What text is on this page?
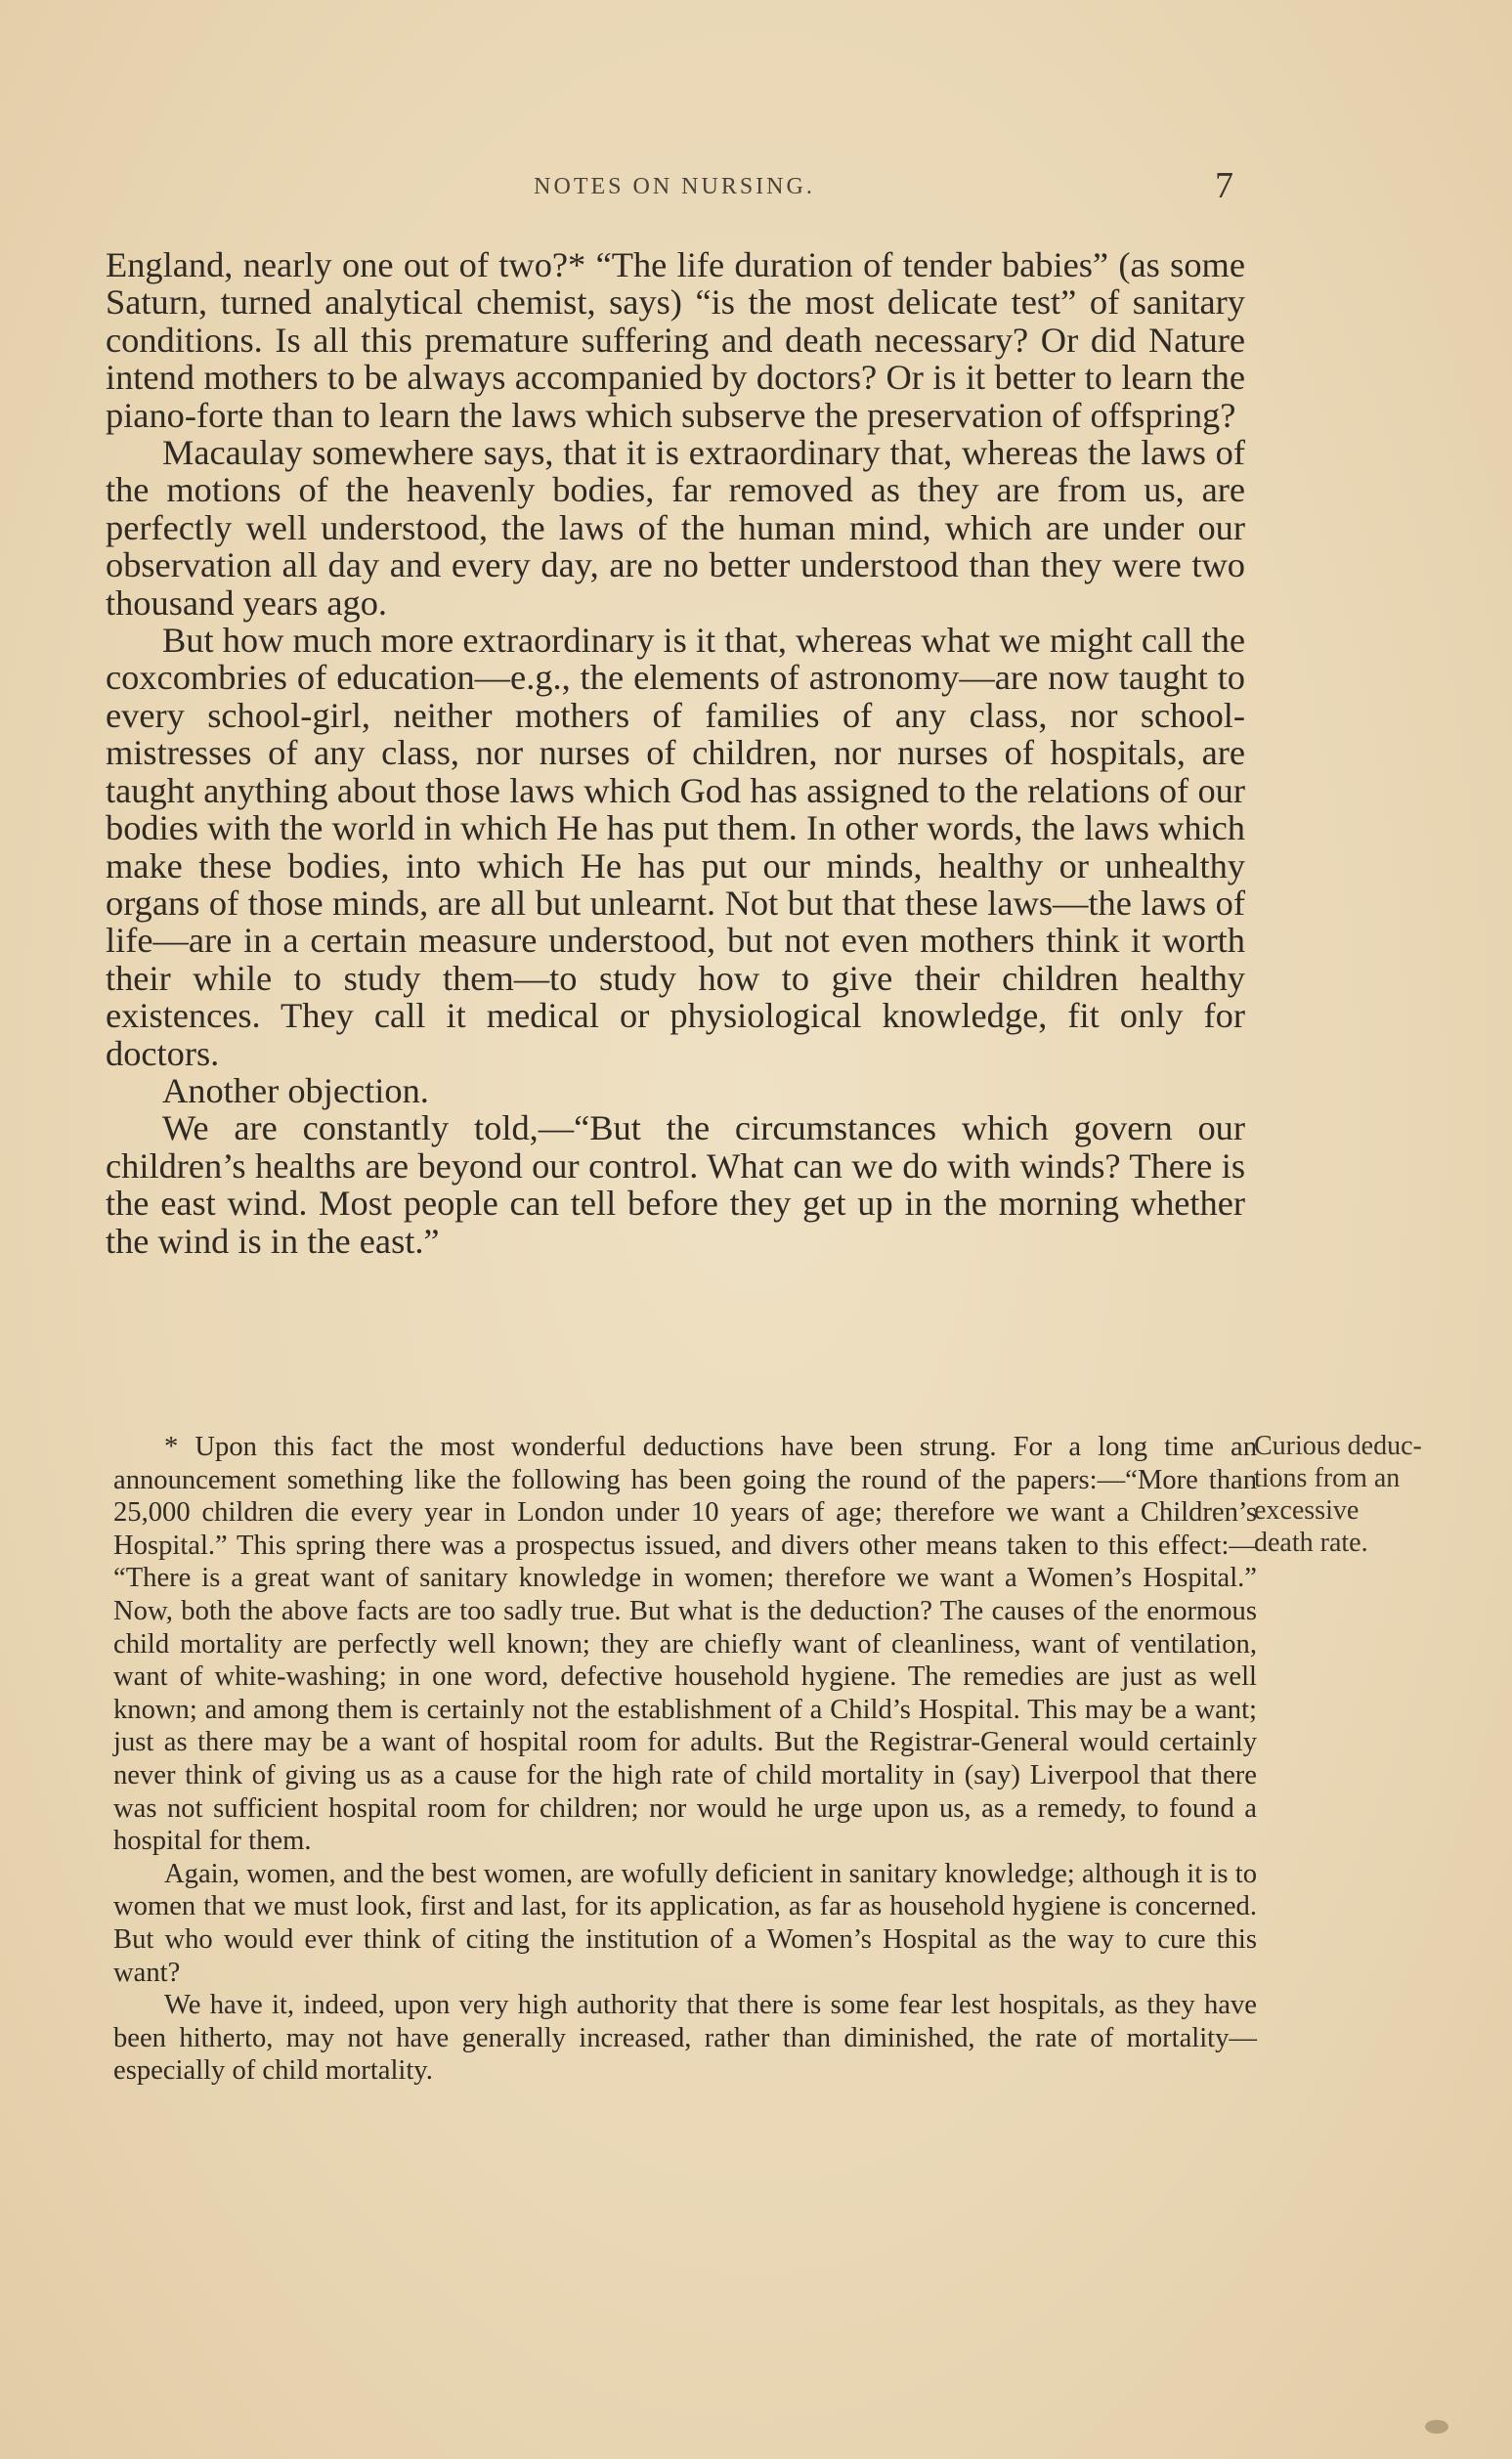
NOTES ON NURSING.	7

England, nearly one out of two?* “The life duration of tender babies” (as some Saturn, turned analytical chemist, says) “is the most delicate test” of sanitary conditions. Is all this premature suffering and death necessary? Or did Nature intend mothers to be always accompanied by doctors? Or is it better to learn the piano-forte than to learn the laws which subserve the preservation of offspring?

Macaulay somewhere says, that it is extraordinary that, whereas the laws of the motions of the heavenly bodies, far removed as they are from us, are perfectly well understood, the laws of the human mind, which are under our observation all day and every day, are no better understood than they were two thousand years ago.

But how much more extraordinary is it that, whereas what we might call the coxcombries of education—e.g., the elements of astronomy—are now taught to every school-girl, neither mothers of families of any class, nor school-mistresses of any class, nor nurses of children, nor nurses of hospitals, are taught anything about those laws which God has assigned to the relations of our bodies with the world in which He has put them. In other words, the laws which make these bodies, into which He has put our minds, healthy or unhealthy organs of those minds, are all but unlearnt. Not but that these laws—the laws of life—are in a certain measure understood, but not even mothers think it worth their while to study them—to study how to give their children healthy existences. They call it medical or physiological knowledge, fit only for doctors.

Another objection.

We are constantly told,—“But the circumstances which govern our children’s healths are beyond our control. What can we do with winds? There is the east wind. Most people can tell before they get up in the morning whether the wind is in the east.”

* Upon this fact the most wonderful deductions have been strung. For a long time an announcement something like the following has been going the round of the papers:—“More than 25,000 children die every year in London under 10 years of age; therefore we want a Children’s Hospital.” This spring there was a prospectus issued, and divers other means taken to this effect:— “There is a great want of sanitary knowledge in women; therefore we want a Women’s Hospital.” Now, both the above facts are too sadly true. But what is the deduction? The causes of the enormous child mortality are perfectly well known; they are chiefly want of cleanliness, want of ventilation, want of white-washing; in one word, defective household hygiene. The remedies are just as well known; and among them is certainly not the establishment of a Child’s Hospital. This may be a want; just as there may be a want of hospital room for adults. But the Registrar-General would certainly never think of giving us as a cause for the high rate of child mortality in (say) Liverpool that there was not sufficient hospital room for children; nor would he urge upon us, as a remedy, to found a hospital for them.

Again, women, and the best women, are wofully deficient in sanitary knowledge; although it is to women that we must look, first and last, for its application, as far as household hygiene is concerned. But who would ever think of citing the institution of a Women’s Hospital as the way to cure this want?

We have it, indeed, upon very high authority that there is some fear lest hospitals, as they have been hitherto, may not have generally increased, rather than diminished, the rate of mortality—especially of child mortality.

Curious deduc-
tions from an
excessive
death rate.
